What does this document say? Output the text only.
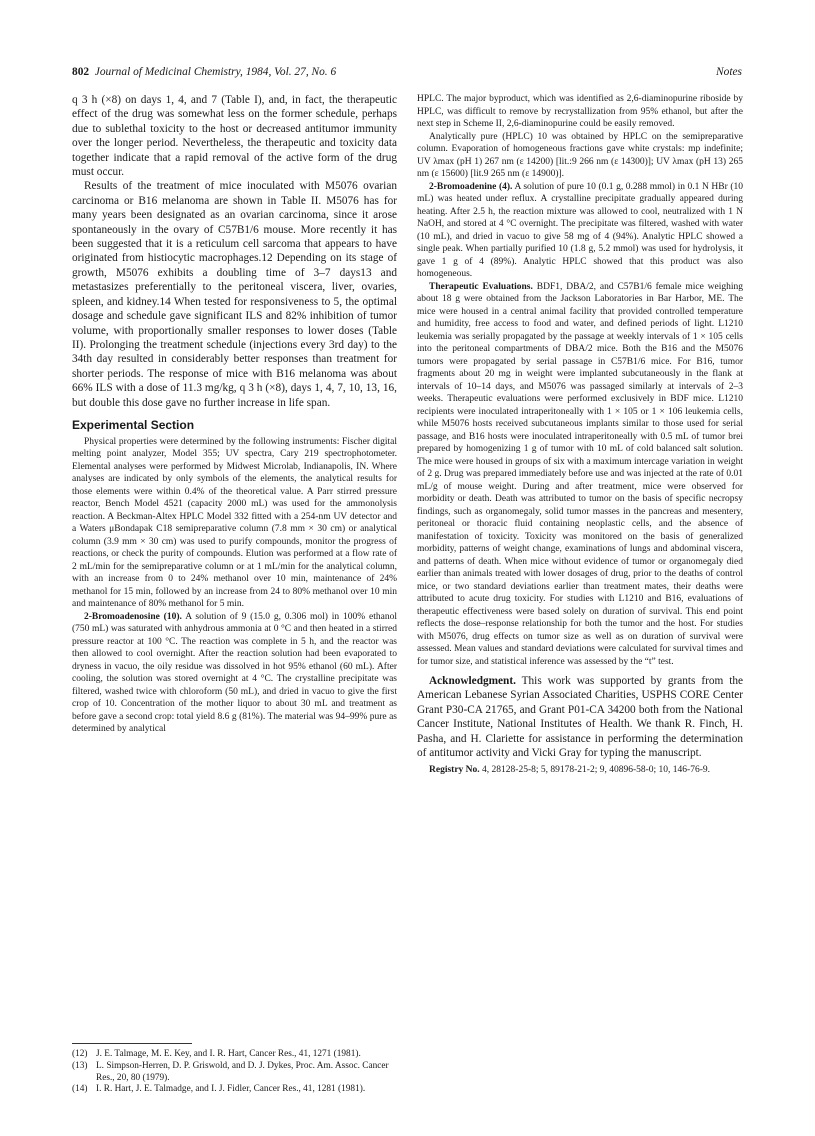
802 Journal of Medicinal Chemistry, 1984, Vol. 27, No. 6	Notes

q 3 h (×8) on days 1, 4, and 7 (Table I), and, in fact, the therapeutic effect of the drug was somewhat less on the former schedule, perhaps due to sublethal toxicity to the host or decreased antitumor immunity over the longer period. Nevertheless, the therapeutic and toxicity data together indicate that a rapid removal of the active form of the drug must occur.

Results of the treatment of mice inoculated with M5076 ovarian carcinoma or B16 melanoma are shown in Table II. M5076 has for many years been designated as an ovarian carcinoma, since it arose spontaneously in the ovary of C57B1/6 mouse. More recently it has been suggested that it is a reticulum cell sarcoma that appears to have originated from histiocytic macrophages.12 Depending on its stage of growth, M5076 exhibits a doubling time of 3–7 days13 and metastasizes preferentially to the peritoneal viscera, liver, ovaries, spleen, and kidney.14 When tested for responsiveness to 5, the optimal dosage and schedule gave significant ILS and 82% inhibition of tumor volume, with proportionally smaller responses to lower doses (Table II). Prolonging the treatment schedule (injections every 3rd day) to the 34th day resulted in considerably better responses than treatment for shorter periods. The response of mice with B16 melanoma was about 66% ILS with a dose of 11.3 mg/kg, q 3 h (×8), days 1, 4, 7, 10, 13, 16, but double this dose gave no further increase in life span.

Experimental Section

Physical properties were determined by the following instruments: Fischer digital melting point analyzer, Model 355; UV spectra, Cary 219 spectrophotometer. Elemental analyses were performed by Midwest Microlab, Indianapolis, IN. Where analyses are indicated by only symbols of the elements, the analytical results for those elements were within 0.4% of the theoretical value. A Parr stirred pressure reactor, Bench Model 4521 (capacity 2000 mL) was used for the ammonolysis reaction. A Beckman-Altex HPLC Model 332 fitted with a 254-nm UV detector and a Waters μBondapak C18 semipreparative column (7.8 mm × 30 cm) or analytical column (3.9 mm × 30 cm) was used to purify compounds, monitor the progress of reactions, or check the purity of compounds. Elution was performed at a flow rate of 2 mL/min for the semipreparative column or at 1 mL/min for the analytical column, with an increase from 0 to 24% methanol over 10 min, maintenance of 24% methanol for 15 min, followed by an increase from 24 to 80% methanol over 10 min and maintenance of 80% methanol for 5 min.

2-Bromoadenosine (10). A solution of 9 (15.0 g, 0.306 mol) in 100% ethanol (750 mL) was saturated with anhydrous ammonia at 0 °C and then heated in a stirred pressure reactor at 100 °C. The reaction was complete in 5 h, and the reactor was then allowed to cool overnight. After the reaction solution had been evaporated to dryness in vacuo, the oily residue was dissolved in hot 95% ethanol (60 mL). After cooling, the solution was stored overnight at 4 °C. The crystalline precipitate was filtered, washed twice with chloroform (50 mL), and dried in vacuo to give the first crop of 10. Concentration of the mother liquor to about 30 mL and treatment as before gave a second crop: total yield 8.6 g (81%). The material was 94–99% pure as determined by analytical

HPLC. The major byproduct, which was identified as 2,6-diaminopurine riboside by HPLC, was difficult to remove by recrystallization from 95% ethanol, but after the next step in Scheme II, 2,6-diaminopurine could be easily removed.

Analytically pure (HPLC) 10 was obtained by HPLC on the semipreparative column. Evaporation of homogeneous fractions gave white crystals: mp indefinite; UV λmax (pH 1) 267 nm (ε 14200) [lit.:9 266 nm (ε 14300)]; UV λmax (pH 13) 265 nm (ε 15600) [lit.9 265 nm (ε 14900)].

2-Bromoadenine (4). A solution of pure 10 (0.1 g, 0.288 mmol) in 0.1 N HBr (10 mL) was heated under reflux. A crystalline precipitate gradually appeared during heating. After 2.5 h, the reaction mixture was allowed to cool, neutralized with 1 N NaOH, and stored at 4 °C overnight. The precipitate was filtered, washed with water (10 mL), and dried in vacuo to give 58 mg of 4 (94%). Analytic HPLC showed a single peak. When partially purified 10 (1.8 g, 5.2 mmol) was used for hydrolysis, it gave 1 g of 4 (89%). Analytic HPLC showed that this product was also homogeneous.

Therapeutic Evaluations. BDF1, DBA/2, and C57B1/6 female mice weighing about 18 g were obtained from the Jackson Laboratories in Bar Harbor, ME. The mice were housed in a central animal facility that provided controlled temperature and humidity, free access to food and water, and defined periods of light. L1210 leukemia was serially propagated by the passage at weekly intervals of 1 × 105 cells into the peritoneal compartments of DBA/2 mice. Both the B16 and the M5076 tumors were propagated by serial passage in C57B1/6 mice. For B16, tumor fragments about 20 mg in weight were implanted subcutaneously in the flank at intervals of 10–14 days, and M5076 was passaged similarly at intervals of 2–3 weeks. Therapeutic evaluations were performed exclusively in BDF mice. L1210 recipients were inoculated intraperitoneally with 1 × 105 or 1 × 106 leukemia cells, while M5076 hosts received subcutaneous implants similar to those used for serial passage, and B16 hosts were inoculated intraperitoneally with 0.5 mL of tumor brei prepared by homogenizing 1 g of tumor with 10 mL of cold balanced salt solution. The mice were housed in groups of six with a maximum intercage variation in weight of 2 g. Drug was prepared immediately before use and was injected at the rate of 0.01 mL/g of mouse weight. During and after treatment, mice were observed for morbidity or death. Death was attributed to tumor on the basis of specific necropsy findings, such as organomegaly, solid tumor masses in the pancreas and mesentery, peritoneal or thoracic fluid containing neoplastic cells, and the absence of manifestation of toxicity. Toxicity was monitored on the basis of generalized morbidity, patterns of weight change, examinations of lungs and abdominal viscera, and patterns of death. When mice without evidence of tumor or organomegaly died earlier than animals treated with lower dosages of drug, prior to the deaths of control mice, or two standard deviations earlier than treatment mates, their deaths were attributed to acute drug toxicity. For studies with L1210 and B16, evaluations of therapeutic effectiveness were based solely on duration of survival. This end point reflects the dose–response relationship for both the tumor and the host. For studies with M5076, drug effects on tumor size as well as on duration of survival were assessed. Mean values and standard deviations were calculated for survival times and for tumor size, and statistical inference was assessed by the “t” test.

Acknowledgment. This work was supported by grants from the American Lebanese Syrian Associated Charities, USPHS CORE Center Grant P30-CA 21765, and Grant P01-CA 34200 both from the National Cancer Institute, National Institutes of Health. We thank R. Finch, H. Pasha, and H. Clariette for assistance in performing the determination of antitumor activity and Vicki Gray for typing the manuscript.

Registry No. 4, 28128-25-8; 5, 89178-21-2; 9, 40896-58-0; 10, 146-76-9.

(12) J. E. Talmage, M. E. Key, and I. R. Hart, Cancer Res., 41, 1271 (1981).
(13) L. Simpson-Herren, D. P. Griswold, and D. J. Dykes, Proc. Am. Assoc. Cancer Res., 20, 80 (1979).
(14) I. R. Hart, J. E. Talmadge, and I. J. Fidler, Cancer Res., 41, 1281 (1981).
